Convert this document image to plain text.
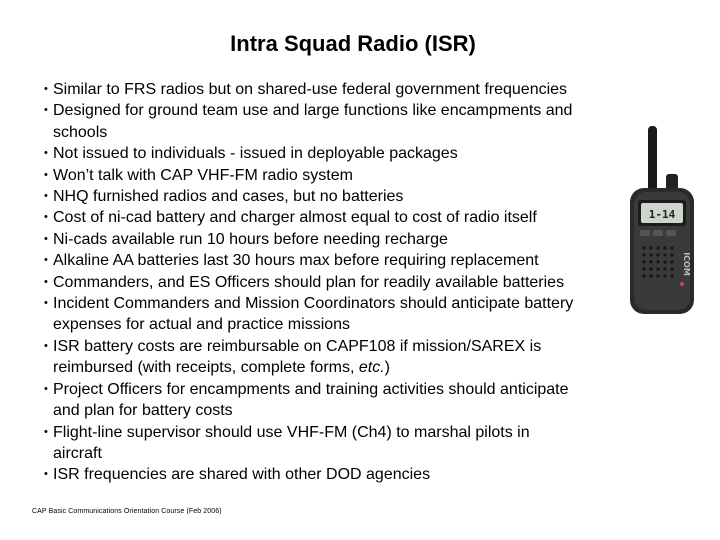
Intra Squad Radio (ISR)
• Similar to FRS radios but on shared-use federal government frequencies
• Designed for ground team use and large functions like encampments and
schools
• Not issued to individuals - issued in deployable packages
• Won’t talk with CAP VHF-FM radio system
• NHQ furnished radios and cases, but no batteries
• Cost of ni-cad battery and charger almost equal to cost of radio itself
• Ni-cads available run 10 hours before needing recharge
• Alkaline AA batteries last 30 hours max before requiring replacement
• Commanders, and ES Officers should plan for readily available batteries
• Incident Commanders and Mission Coordinators should anticipate battery
expenses for actual and practice missions
• ISR battery costs are reimbursable on CAPF108 if mission/SAREX is
reimbursed (with receipts, complete forms, etc.)
• Project Officers for encampments and training activities should anticipate
and plan for battery costs
• Flight-line supervisor should use VHF-FM (Ch4) to marshal pilots in
aircraft
• ISR frequencies are shared with other DOD agencies
CAP Basic Communications Orientation Course (Feb 2006)
1-14
ICOM
